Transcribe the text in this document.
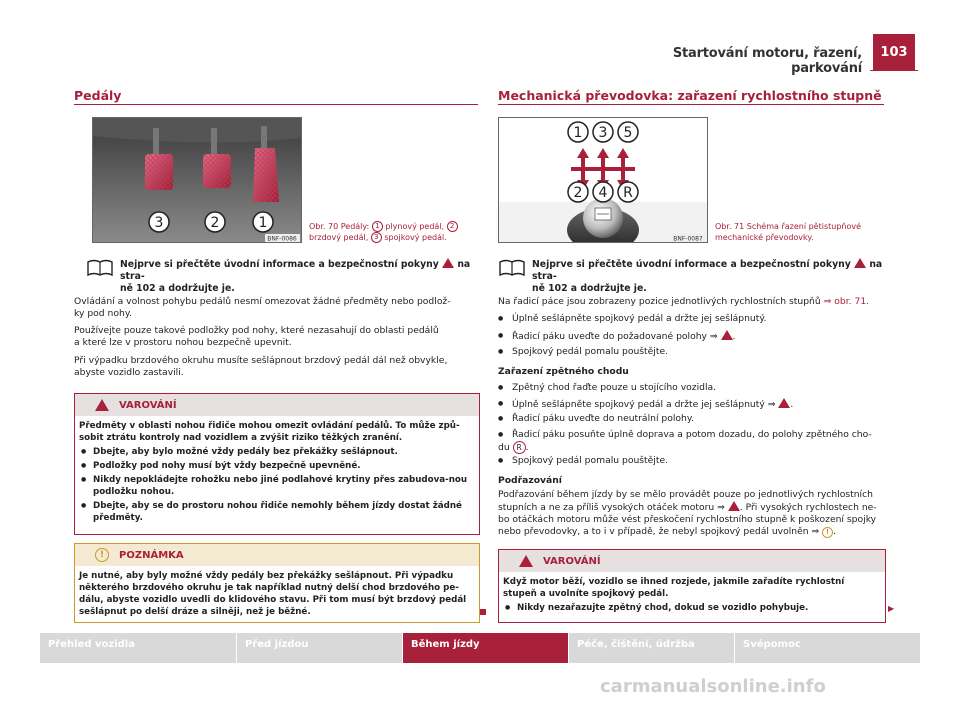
Startování motoru, řazení, parkování
103
Pedály
3	2	1
BNF-0086
Obr. 70 Pedály: 1 plynový pedál, 2
brzdový pedál, 3 spojkový pedál.
Nejprve si přečtěte úvodní informace a bezpečnostní pokyny na stra-
ně 102 a dodržujte je.
Ovládání a volnost pohybu pedálů nesmí omezovat žádné předměty nebo podlož-
ky pod nohy.
Používejte pouze takové podložky pod nohy, které nezasahují do oblasti pedálů
a které lze v prostoru nohou bezpečně upevnit.
Při výpadku brzdového okruhu musíte sešlápnout brzdový pedál dál než obvykle,
abyste vozidlo zastavili.
VAROVÁNÍ
Předměty v oblasti nohou řidiče mohou omezit ovládání pedálů. To může způ-sobit ztrátu kontroly nad vozidlem a zvýšit riziko těžkých zranění.
● Dbejte, aby bylo možné vždy pedály bez překážky sešlápnout.
● Podložky pod nohy musí být vždy bezpečně upevněné.
● Nikdy nepokládejte rohožku nebo jiné podlahové krytiny přes zabudova-nou podložku nohou.
● Dbejte, aby se do prostoru nohou řidiče nemohly během jízdy dostat žádné předměty.
!	POZNÁMKA
Je nutné, aby byly možné vždy pedály bez překážky sešlápnout. Při výpadku některého brzdového okruhu je tak například nutný delší chod brzdového pe-dálu, abyste vozidlo uvedli do klidového stavu. Při tom musí být brzdový pedál sešlápnut po delší dráze a silněji, než je běžné.
Mechanická převodovka: zařazení rychlostního stupně
1 3 5
2 4 R
BNF-0087
Obr. 71 Schéma řazení pětistupňové
mechanické převodovky.
Nejprve si přečtěte úvodní informace a bezpečnostní pokyny na stra-
ně 102 a dodržujte je.
Na řadicí páce jsou zobrazeny pozice jednotlivých rychlostních stupňů ⇒ obr. 71.
● Úplně sešlápněte spojkový pedál a držte jej sešlápnutý.
● Řadicí páku uveďte do požadované polohy ⇒ .
● Spojkový pedál pomalu pouštějte.
Zařazení zpětného chodu
● Zpětný chod řaďte pouze u stojícího vozidla.
● Úplně sešlápněte spojkový pedál a držte jej sešlápnutý ⇒ .
● Řadicí páku uveďte do neutrální polohy.
● Řadicí páku posuňte úplně doprava a potom dozadu, do polohy zpětného cho-
du R .
● Spojkový pedál pomalu pouštějte.
Podřazování
Podřazování během jízdy by se mělo provádět pouze po jednotlivých rychlostních
stupních a ne za příliš vysokých otáček motoru ⇒ . Při vysokých rychlostech ne-
bo otáčkách motoru může vést přeskočení rychlostního stupně k poškození spojky
nebo převodovky, a to i v případě, že nebyl spojkový pedál uvolněn ⇒ ! .
VAROVÁNÍ
Když motor běží, vozidlo se ihned rozjede, jakmile zařadíte rychlostní stupeň a uvolníte spojkový pedál.
● Nikdy nezařazujte zpětný chod, dokud se vozidlo pohybuje.	▶
Přehled vozidla	Před jízdou	Během jízdy	Péče, čištění, údržba	Svépomoc
carmanualsonline.info
